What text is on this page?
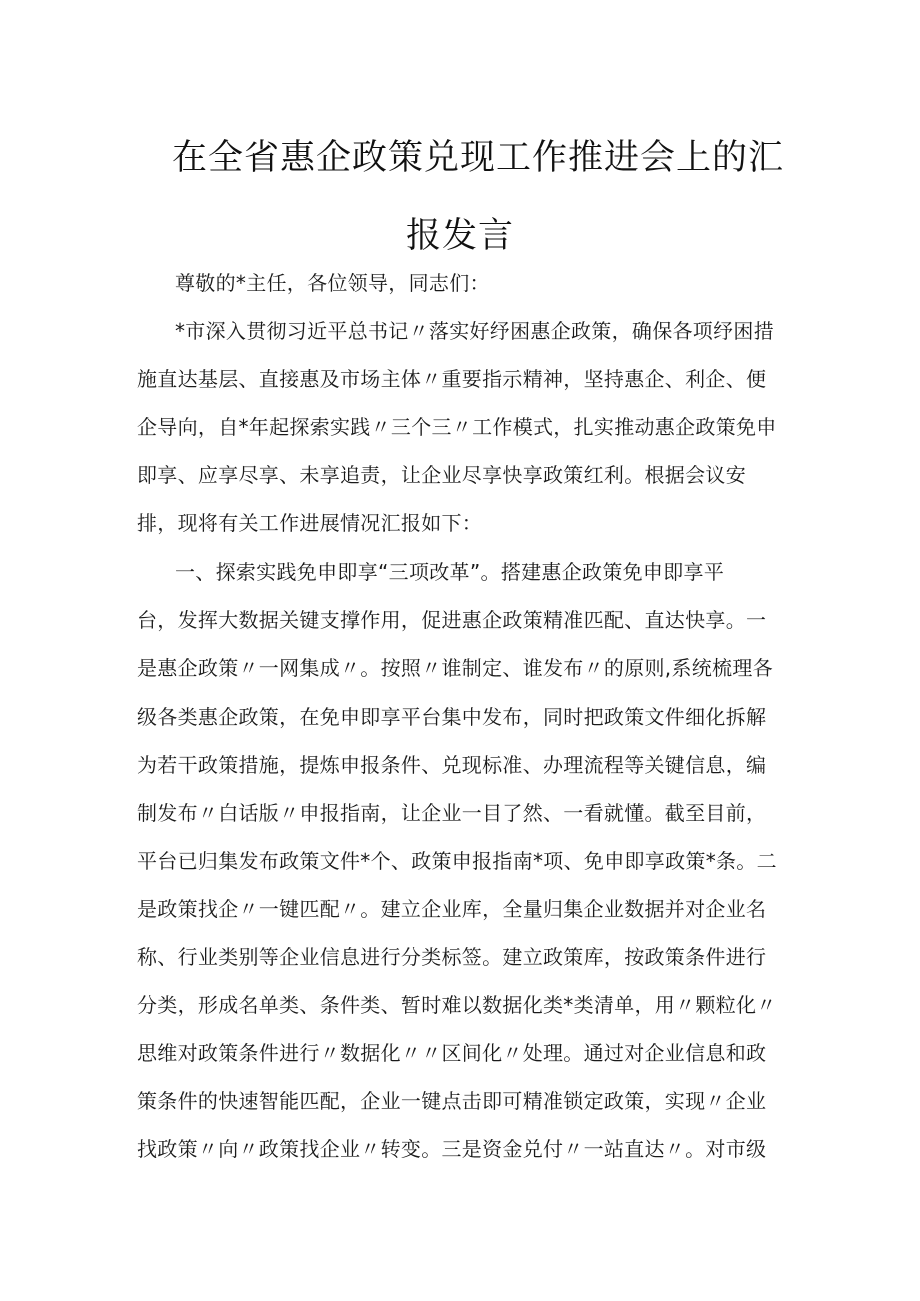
在全省惠企政策兑现工作推进会上的汇
报发言

尊敬的*主任，各位领导，同志们：

*市深入贯彻习近平总书记〃落实好纾困惠企政策，确保各项纾困措

施直达基层、直接惠及市场主体〃重要指示精神，坚持惠企、利企、便

企导向，自*年起探索实践〃三个三〃工作模式，扎实推动惠企政策免申

即享、应享尽享、未享追责，让企业尽享快享政策红利。根据会议安

排，现将有关工作进展情况汇报如下：

一、探索实践免申即享“三项改革”。搭建惠企政策免申即享平

台，发挥大数据关键支撑作用，促进惠企政策精准匹配、直达快享。一

是惠企政策〃一网集成〃。按照〃谁制定、谁发布〃的原则,系统梳理各

级各类惠企政策，在免申即享平台集中发布，同时把政策文件细化拆解

为若干政策措施，提炼申报条件、兑现标准、办理流程等关键信息，编

制发布〃白话版〃申报指南，让企业一目了然、一看就懂。截至目前，

平台已归集发布政策文件*个、政策申报指南*项、免申即享政策*条。二

是政策找企〃一键匹配〃。建立企业库，全量归集企业数据并对企业名

称、行业类别等企业信息进行分类标签。建立政策库，按政策条件进行

分类，形成名单类、条件类、暂时难以数据化类*类清单，用〃颗粒化〃

思维对政策条件进行〃数据化〃〃区间化〃处理。通过对企业信息和政

策条件的快速智能匹配，企业一键点击即可精准锁定政策，实现〃企业

找政策〃向〃政策找企业〃转变。三是资金兑付〃一站直达〃。对市级
